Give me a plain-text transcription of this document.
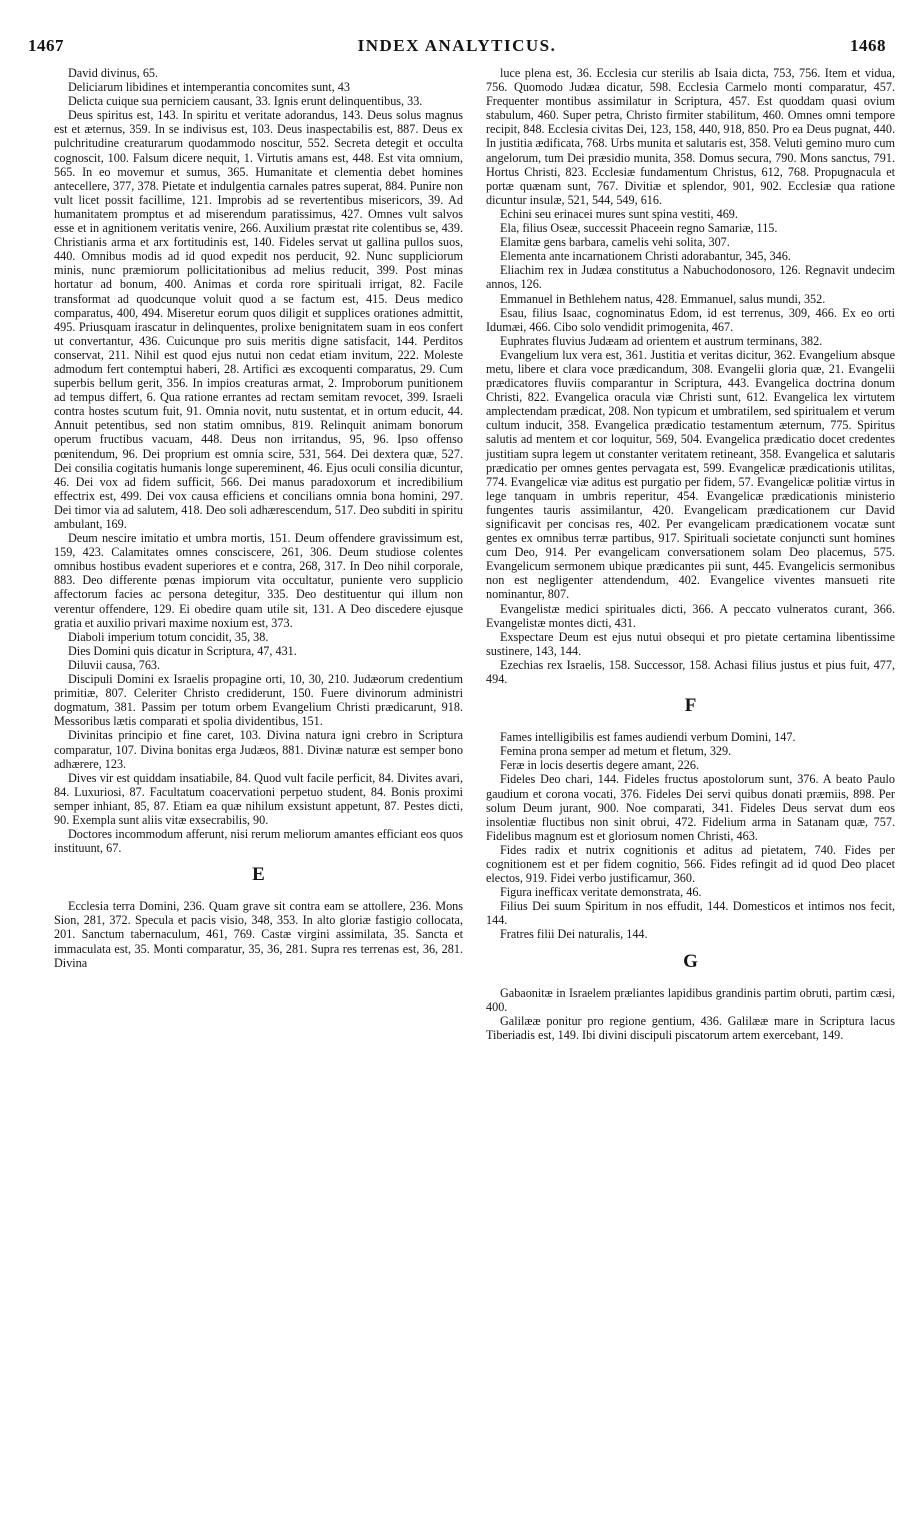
1467	INDEX ANALYTICUS.	1468

David divinus, 65.

Deliciarum libidines et intemperantia concomites sunt, 43

Delicta cuique sua perniciem causant, 33. Ignis erunt delinquentibus, 33.

Deus spiritus est, 143. In spiritu et veritate adorandus, 143. Deus solus magnus est et æternus, 359. In se indivisus est, 103. Deus inaspectabilis est, 887. Deus ex pulchritudine creaturarum quodammodo noscitur, 552. Secreta detegit et occulta cognoscit, 100. Falsum dicere nequit, 1. Virtutis amans est, 448. Est vita omnium, 565. In eo movemur et sumus, 365. Humanitate et clementia debet homines antecellere, 377, 378. Pietate et indulgentia carnales patres superat, 884. Punire non vult licet possit facillime, 121. Improbis ad se revertentibus misericors, 39. Ad humanitatem promptus et ad miserendum paratissimus, 427. Omnes vult salvos esse et in agnitionem veritatis venire, 266. Auxilium præstat rite colentibus se, 439. Christianis arma et arx fortitudinis est, 140. Fideles servat ut gallina pullos suos, 440. Omnibus modis ad id quod expedit nos perducit, 92. Nunc suppliciorum minis, nunc præmiorum pollicitationibus ad melius reducit, 399. Post minas hortatur ad bonum, 400. Animas et corda rore spirituali irrigat, 82. Facile transformat ad quodcunque voluit quod a se factum est, 415. Deus medico comparatus, 400, 494. Miseretur eorum quos diligit et supplices orationes admittit, 495. Priusquam irascatur in delinquentes, prolixe benignitatem suam in eos confert ut convertantur, 436. Cuicunque pro suis meritis digne satisfacit, 144. Perditos conservat, 211. Nihil est quod ejus nutui non cedat etiam invitum, 222. Moleste admodum fert contemptui haberi, 28. Artifici æs excoquenti comparatus, 29. Cum superbis bellum gerit, 356. In impios creaturas armat, 2. Improborum punitionem ad tempus differt, 6. Qua ratione errantes ad rectam semitam revocet, 399. Israeli contra hostes scutum fuit, 91. Omnia novit, nutu sustentat, et in ortum educit, 44. Annuit petentibus, sed non statim omnibus, 819. Relinquit animam bonorum operum fructibus vacuam, 448. Deus non irritandus, 95, 96. Ipso offenso pœnitendum, 96. Dei proprium est omnia scire, 531, 564. Dei dextera quæ, 527. Dei consilia cogitatis humanis longe supereminent, 46. Ejus oculi consilia dicuntur, 46. Dei vox ad fidem sufficit, 566. Dei manus paradoxorum et incredibilium effectrix est, 499. Dei vox causa efficiens et concilians omnia bona homini, 297. Dei timor via ad salutem, 418. Deo soli adhærescendum, 517. Deo subditi in spiritu ambulant, 169.

Deum nescire imitatio et umbra mortis, 151. Deum offendere gravissimum est, 159, 423. Calamitates omnes consciscere, 261, 306. Deum studiose colentes omnibus hostibus evadent superiores et e contra, 268, 317. In Deo nihil corporale, 883. Deo differente pœnas impiorum vita occultatur, puniente vero supplicio affectorum facies ac persona detegitur, 335. Deo destituentur qui illum non verentur offendere, 129. Ei obedire quam utile sit, 131. A Deo discedere ejusque gratia et auxilio privari maxime noxium est, 373.

Diaboli imperium totum concidit, 35, 38.

Dies Domini quis dicatur in Scriptura, 47, 431.

Diluvii causa, 763.

Discipuli Domini ex Israelis propagine orti, 10, 30, 210. Judæorum credentium primitiæ, 807. Celeriter Christo crediderunt, 150. Fuere divinorum administri dogmatum, 381. Passim per totum orbem Evangelium Christi prædicarunt, 918. Messoribus lætis comparati et spolia dividentibus, 151.

Divinitas principio et fine caret, 103. Divina natura igni crebro in Scriptura comparatur, 107. Divina bonitas erga Judæos, 881. Divinæ naturæ est semper bono adhærere, 123.

Dives vir est quiddam insatiabile, 84. Quod vult facile perficit, 84. Divites avari, 84. Luxuriosi, 87. Facultatum coacervationi perpetuo student, 84. Bonis proximi semper inhiant, 85, 87. Etiam ea quæ nihilum exsistunt appetunt, 87. Pestes dicti, 90. Exempla sunt aliis vitæ exsecrabilis, 90.

Doctores incommodum afferunt, nisi rerum meliorum amantes efficiant eos quos instituunt, 67.

E

Ecclesia terra Domini, 236. Quam grave sit contra eam se attollere, 236. Mons Sion, 281, 372. Specula et pacis visio, 348, 353. In alto gloriæ fastigio collocata, 201. Sanctum tabernaculum, 461, 769. Castæ virgini assimilata, 35. Sancta et immaculata est, 35. Monti comparatur, 35, 36, 281. Supra res terrenas est, 36, 281. Divina

luce plena est, 36. Ecclesia cur sterilis ab Isaia dicta, 753, 756. Item et vidua, 756. Quomodo Judæa dicatur, 598. Ecclesia Carmelo monti comparatur, 457. Frequenter montibus assimilatur in Scriptura, 457. Est quoddam quasi ovium stabulum, 460. Super petra, Christo firmiter stabilitum, 460. Omnes omni tempore recipit, 848. Ecclesia civitas Dei, 123, 158, 440, 918, 850. Pro ea Deus pugnat, 440. In justitia ædificata, 768. Urbs munita et salutaris est, 358. Veluti gemino muro cum angelorum, tum Dei præsidio munita, 358. Domus secura, 790. Mons sanctus, 791. Hortus Christi, 823. Ecclesiæ fundamentum Christus, 612, 768. Propugnacula et portæ quænam sunt, 767. Divitiæ et splendor, 901, 902. Ecclesiæ qua ratione dicuntur insulæ, 521, 544, 549, 616.

Echini seu erinacei mures sunt spina vestiti, 469.

Ela, filius Oseæ, successit Phaceein regno Samariæ, 115.

Elamitæ gens barbara, camelis vehi solita, 307.

Elementa ante incarnationem Christi adorabantur, 345, 346.

Eliachim rex in Judæa constitutus a Nabuchodonosoro, 126. Regnavit undecim annos, 126.

Emmanuel in Bethlehem natus, 428. Emmanuel, salus mundi, 352.

Esau, filius Isaac, cognominatus Edom, id est terrenus, 309, 466. Ex eo orti Idumæi, 466. Cibo solo vendidit primogenita, 467.

Euphrates fluvius Judæam ad orientem et austrum terminans, 382.

Evangelium lux vera est, 361. Justitia et veritas dicitur, 362. Evangelium absque metu, libere et clara voce prædicandum, 308. Evangelii gloria quæ, 21. Evangelii prædicatores fluviis comparantur in Scriptura, 443. Evangelica doctrina donum Christi, 822. Evangelica oracula viæ Christi sunt, 612. Evangelica lex virtutem amplectendam prædicat, 208. Non typicum et umbratilem, sed spiritualem et verum cultum inducit, 358. Evangelica prædicatio testamentum æternum, 775. Spiritus salutis ad mentem et cor loquitur, 569, 504. Evangelica prædicatio docet credentes justitiam supra legem ut constanter veritatem retineant, 358. Evangelica et salutaris prædicatio per omnes gentes pervagata est, 599. Evangelicæ prædicationis utilitas, 774. Evangelicæ viæ aditus est purgatio per fidem, 57. Evangelicæ politiæ virtus in lege tanquam in umbris reperitur, 454. Evangelicæ prædicationis ministerio fungentes tauris assimilantur, 420. Evangelicam prædicationem cur David significavit per concisas res, 402. Per evangelicam prædicationem vocatæ sunt gentes ex omnibus terræ partibus, 917. Spirituali societate conjuncti sunt homines cum Deo, 914. Per evangelicam conversationem solam Deo placemus, 575. Evangelicum sermonem ubique prædicantes pii sunt, 445. Evangelicis sermonibus non est negligenter attendendum, 402. Evangelice viventes mansueti rite nominantur, 807.

Evangelistæ medici spirituales dicti, 366. A peccato vulneratos curant, 366. Evangelistæ montes dicti, 431.

Exspectare Deum est ejus nutui obsequi et pro pietate certamina libentissime sustinere, 143, 144.

Ezechias rex Israelis, 158. Successor, 158. Achasi filius justus et pius fuit, 477, 494.

F

Fames intelligibilis est fames audiendi verbum Domini, 147.

Femina prona semper ad metum et fletum, 329.

Feræ in locis desertis degere amant, 226.

Fideles Deo chari, 144. Fideles fructus apostolorum sunt, 376. A beato Paulo gaudium et corona vocati, 376. Fideles Dei servi quibus donati præmiis, 898. Per solum Deum jurant, 900. Noe comparati, 341. Fideles Deus servat dum eos insolentiæ fluctibus non sinit obrui, 472. Fidelium arma in Satanam quæ, 757. Fidelibus magnum est et gloriosum nomen Christi, 463.

Fides radix et nutrix cognitionis et aditus ad pietatem, 740. Fides per cognitionem est et per fidem cognitio, 566. Fides refingit ad id quod Deo placet electos, 919. Fidei verbo justificamur, 360.

Figura inefficax veritate demonstrata, 46.

Filius Dei suum Spiritum in nos effudit, 144. Domesticos et intimos nos fecit, 144.

Fratres filii Dei naturalis, 144.

G

Gabaonitæ in Israelem præliantes lapidibus grandinis partim obruti, partim cæsi, 400.

Galilææ ponitur pro regione gentium, 436. Galilææ mare in Scriptura lacus Tiberiadis est, 149. Ibi divini discipuli piscatorum artem exercebant, 149.
